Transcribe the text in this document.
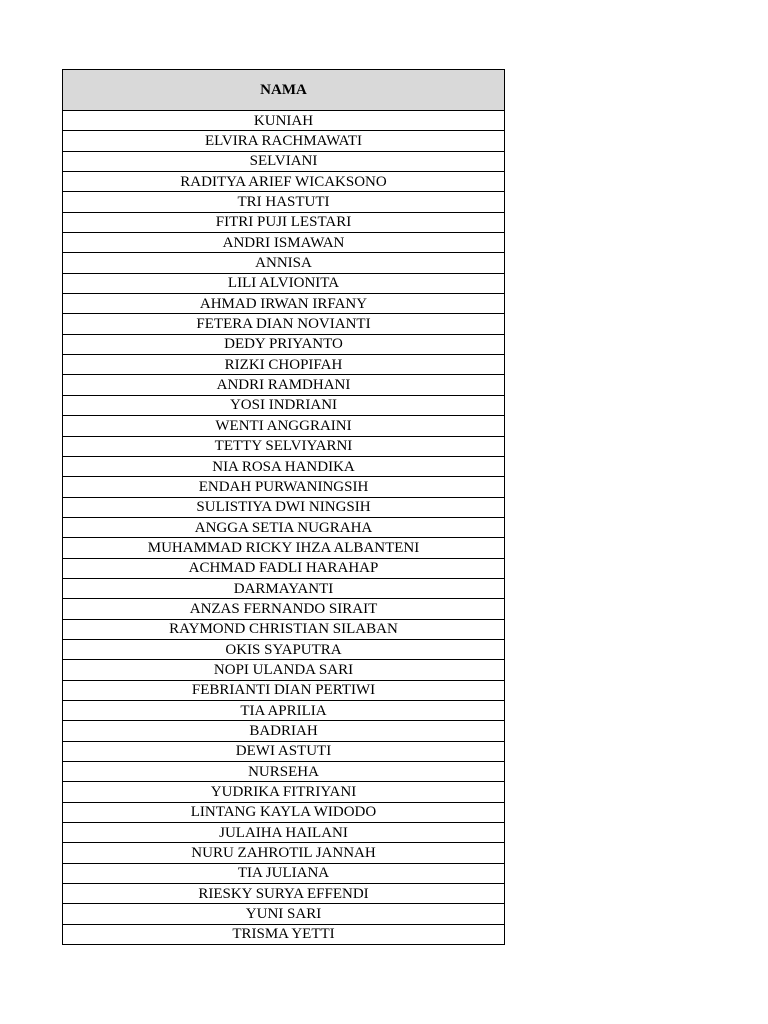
NAMA
KUNIAH
ELVIRA RACHMAWATI
SELVIANI
RADITYA ARIEF WICAKSONO
TRI HASTUTI
FITRI PUJI LESTARI
ANDRI ISMAWAN
ANNISA
LILI ALVIONITA
AHMAD IRWAN IRFANY
FETERA DIAN NOVIANTI
DEDY PRIYANTO
RIZKI CHOPIFAH
ANDRI RAMDHANI
YOSI INDRIANI
WENTI ANGGRAINI
TETTY SELVIYARNI
NIA ROSA HANDIKA
ENDAH PURWANINGSIH
SULISTIYA DWI NINGSIH
ANGGA SETIA NUGRAHA
MUHAMMAD RICKY IHZA ALBANTENI
ACHMAD FADLI HARAHAP
DARMAYANTI
ANZAS FERNANDO SIRAIT
RAYMOND CHRISTIAN SILABAN
OKIS SYAPUTRA
NOPI ULANDA SARI
FEBRIANTI DIAN PERTIWI
TIA APRILIA
BADRIAH
DEWI ASTUTI
NURSEHA
YUDRIKA FITRIYANI
LINTANG KAYLA WIDODO
JULAIHA HAILANI
NURU ZAHROTIL JANNAH
TIA JULIANA
RIESKY SURYA EFFENDI
YUNI SARI
TRISMA YETTI
